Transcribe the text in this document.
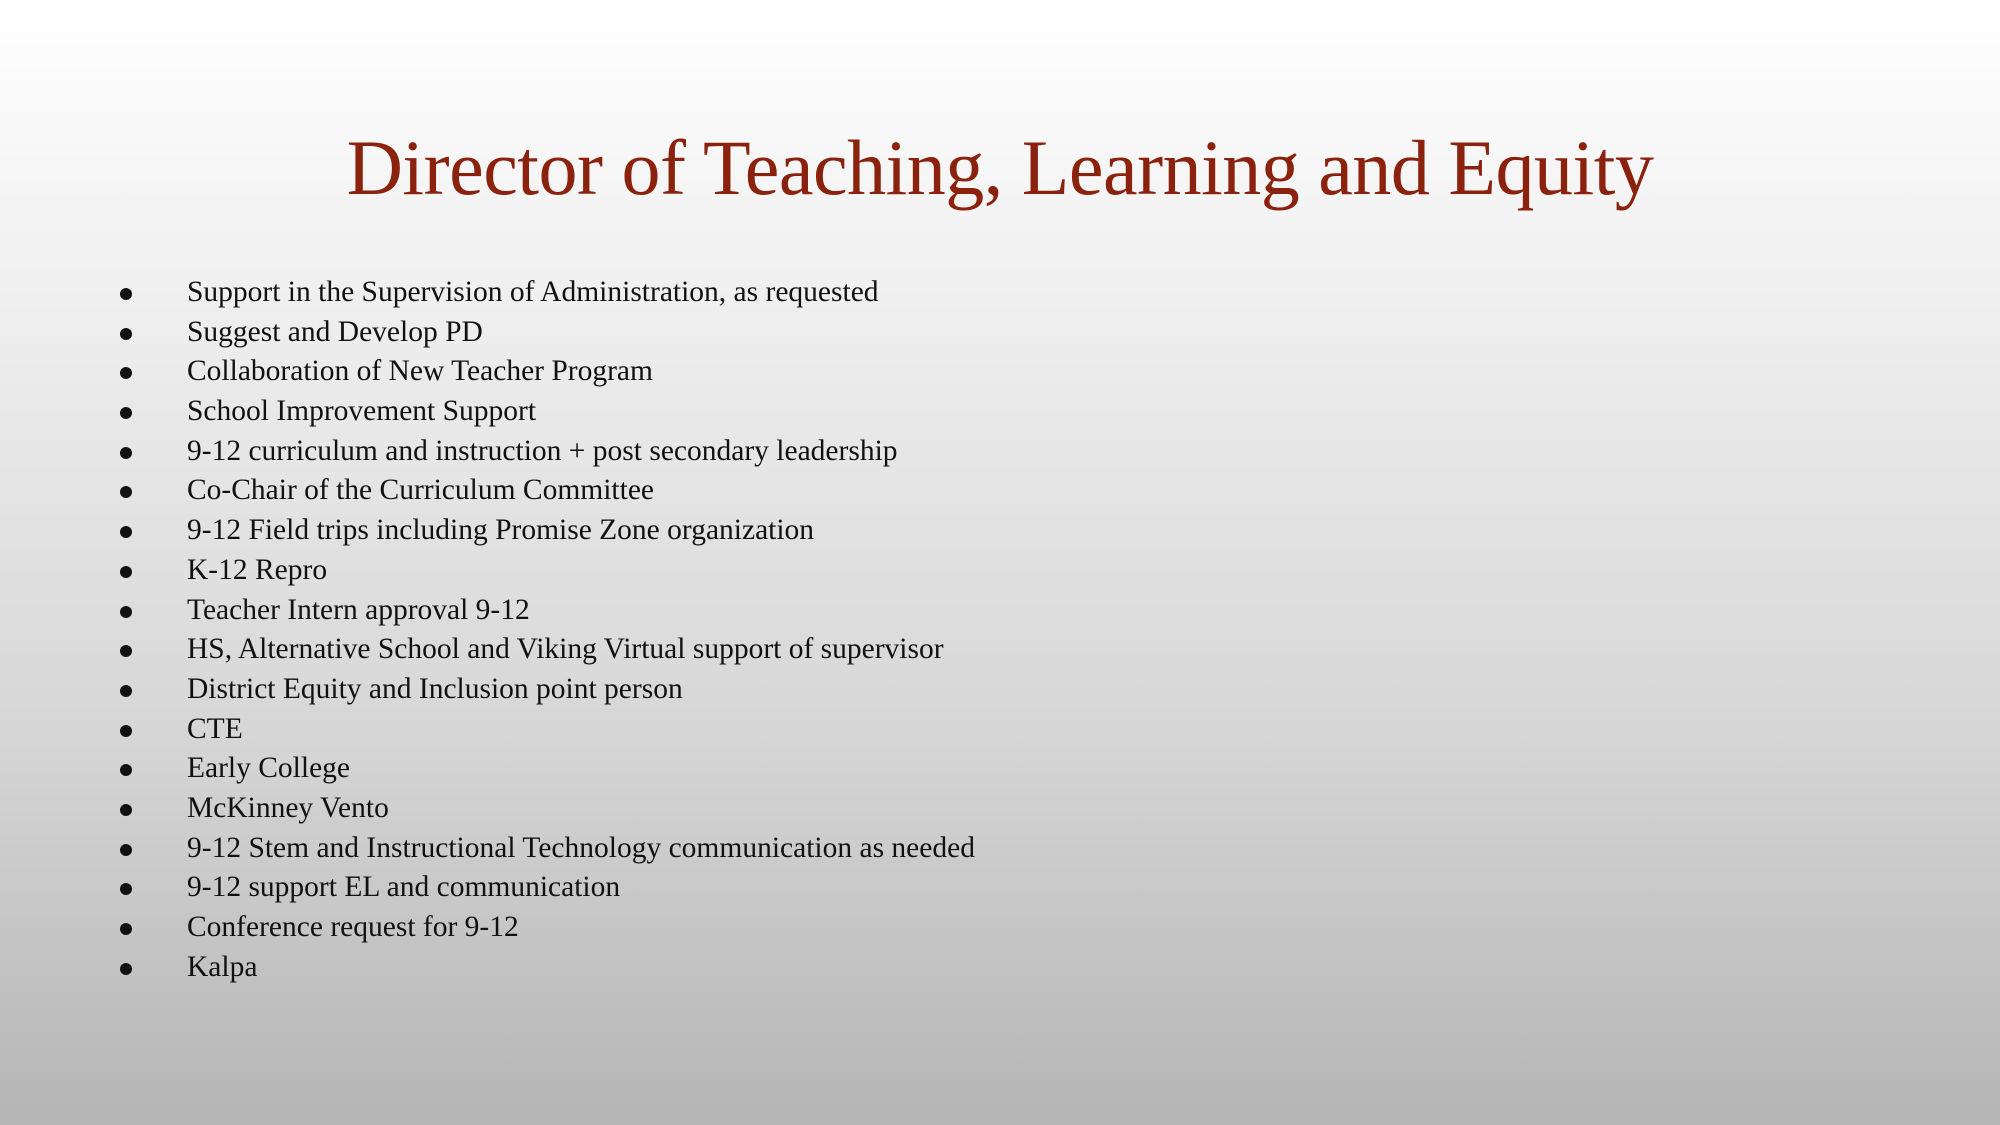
Director of Teaching, Learning and Equity
Support in the Supervision of Administration, as requested
Suggest and Develop PD
Collaboration of New Teacher Program
School Improvement Support
9-12 curriculum and instruction + post secondary leadership
Co-Chair of the Curriculum Committee
9-12 Field trips including Promise Zone organization
K-12 Repro
Teacher Intern approval 9-12
HS, Alternative School and Viking Virtual support of supervisor
District Equity and Inclusion point person
CTE
Early College
McKinney Vento
9-12 Stem and Instructional Technology communication as needed
9-12 support EL and communication
Conference request for 9-12
Kalpa
